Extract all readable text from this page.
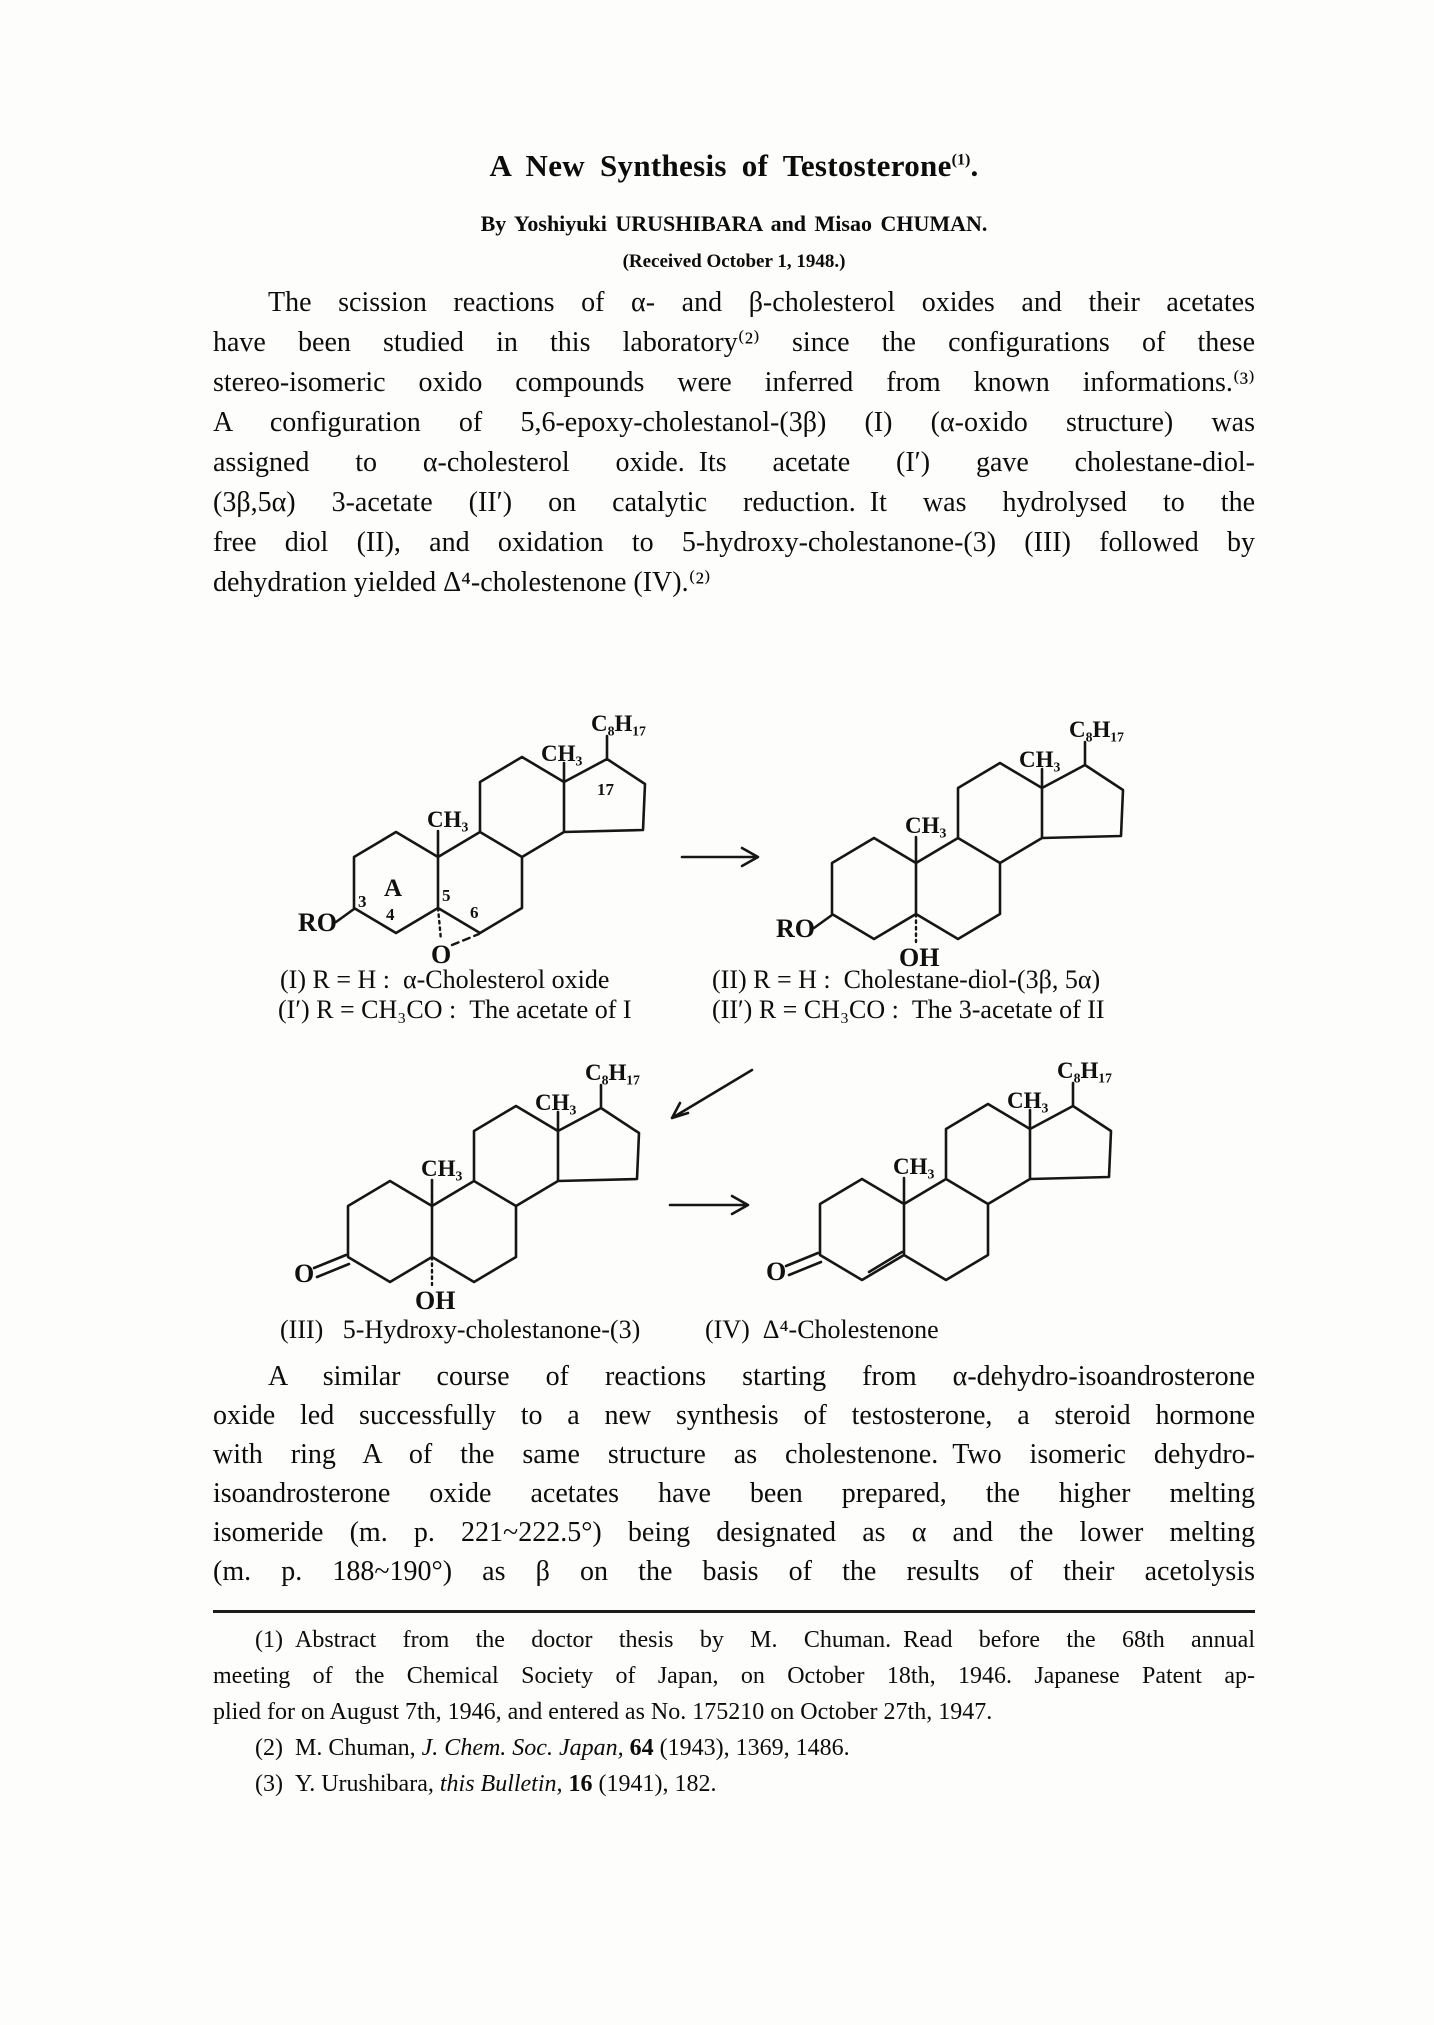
A New Synthesis of Testosterone$^{(1)}$.
By Yoshiyuki URUSHIBARA and Misao CHUMAN.
(Received October 1, 1948.)
The scission reactions of α- and β-cholesterol oxides and their acetates
have been studied in this laboratory⁽²⁾ since the configurations of these
stereo-isomeric oxido compounds were inferred from known informations.⁽³⁾
A configuration of 5,6-epoxy-cholestanol-(3β) (I) (α-oxido structure) was
assigned to α-cholesterol oxide. Its acetate (I′) gave cholestane-diol-
(3β,5α) 3-acetate (II′) on catalytic reduction. It was hydrolysed to the
free diol (II), and oxidation to 5-hydroxy-cholestanone-(3) (III) followed by
dehydration yielded Δ⁴-cholestenone (IV).⁽²⁾
C₈H₁₇
CH₃
CH₃
RO
O
A
3
4
5
6
17
C₈H₁₇
CH₃
CH₃
RO
OH
(I) R = H : α-Cholesterol oxide
(I′) R = CH₃CO : The acetate of I
(II) R = H : Cholestane-diol-(3β, 5α)
(II′) R = CH₃CO : The 3-acetate of II
C₈H₁₇
CH₃
CH₃
O
OH
C₈H₁₇
CH₃
CH₃
O
(III)  5-Hydroxy-cholestanone-(3) (IV) Δ⁴-Cholestenone
A similar course of reactions starting from α-dehydro-isoandrosterone
oxide led successfully to a new synthesis of testosterone, a steroid hormone
with ring A of the same structure as cholestenone. Two isomeric dehydro-
isoandrosterone oxide acetates have been prepared, the higher melting
isomeride (m. p. 221~222.5°) being designated as α and the lower melting
(m. p. 188~190°) as β on the basis of the results of their acetolysis
(1) Abstract from the doctor thesis by M. Chuman. Read before the 68th annual
meeting of the Chemical Society of Japan, on October 18th, 1946. Japanese Patent ap-
plied for on August 7th, 1946, and entered as No. 175210 on October 27th, 1947.
(2) M. Chuman, J. Chem. Soc. Japan, 64 (1943), 1369, 1486.
(3) Y. Urushibara, this Bulletin, 16 (1941), 182.
